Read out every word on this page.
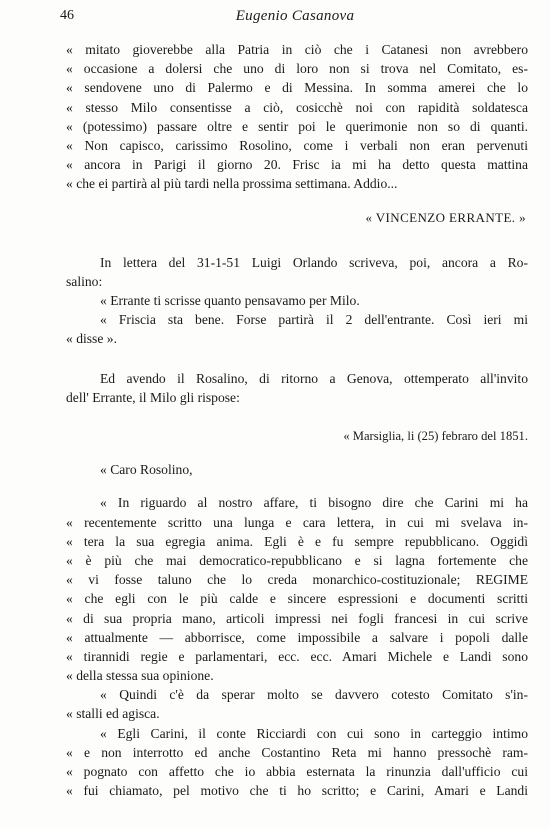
46	Eugenio Casanova
« mitato gioverebbe alla Patria in ciò che i Catanesi non avrebbero
« occasione a dolersi che uno di loro non si trova nel Comitato, es-
« sendovene uno di Palermo e di Messina. In somma amerei che lo
« stesso Milo consentisse a ciò, cosicchè noi con rapidità soldatesca
« (potessimo) passare oltre e sentir poi le querimonie non so di quanti.
« Non capisco, carissimo Rosolino, come i verbali non eran pervenuti
« ancora in Parigi il giorno 20. Frisc ia mi ha detto questa mattina
« che ei partirà al più tardi nella prossima settimana. Addio...
« VINCENZO ERRANTE. »
In lettera del 31-1-51 Luigi Orlando scriveva, poi, ancora a Ro-
salino:
« Errante ti scrisse quanto pensavamo per Milo.
« Friscia sta bene. Forse partirà il 2 dell'entrante. Così ieri mi
« disse ».
Ed avendo il Rosalino, di ritorno a Genova, ottemperato all'invito
dell' Errante, il Milo gli rispose:
« Marsiglia, li (25) febraro del 1851.
« Caro Rosolino,
« In riguardo al nostro affare, ti bisogno dire che Carini mi ha
« recentemente scritto una lunga e cara lettera, in cui mi svelava in-
« tera la sua egregia anima. Egli è e fu sempre repubblicano. Oggidì
« è più che mai democratico-repubblicano e si lagna fortemente che
« vi fosse taluno che lo creda monarchico-costituzionale; REGIME
« che egli con le più calde e sincere espressioni e documenti scritti
« di sua propria mano, articoli impressi nei fogli francesi in cui scrive
« attualmente — abborrisce, come impossibile a salvare i popoli dalle
« tirannidi regie e parlamentari, ecc. ecc. Amari Michele e Landi sono
« della stessa sua opinione.
« Quindi c'è da sperar molto se davvero cotesto Comitato s'in-
« stalli ed agisca.
« Egli Carini, il conte Ricciardi con cui sono in carteggio intimo
« e non interrotto ed anche Costantino Reta mi hanno pressochè ram-
« pognato con affetto che io abbia esternata la rinunzia dall'ufficio cui
« fui chiamato, pel motivo che ti ho scritto; e Carini, Amari e Landi
